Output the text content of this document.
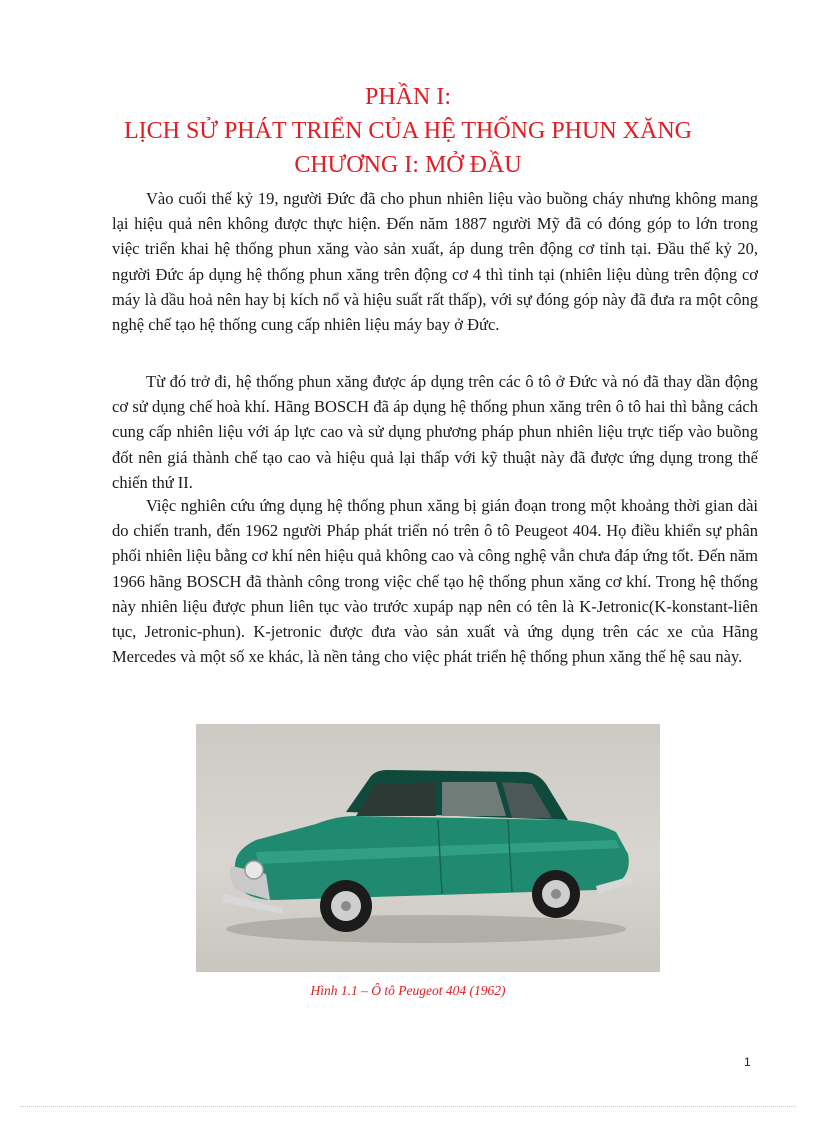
PHẦN I:
LỊCH SỬ PHÁT TRIỂN CỦA HỆ THỐNG PHUN XĂNG
CHƯƠNG I: MỞ ĐẦU

Vào cuối thế kỷ 19, người Đức đã cho phun nhiên liệu vào buồng cháy nhưng không mang lại hiệu quả nên không được thực hiện. Đến năm 1887 người Mỹ đã có đóng góp to lớn trong việc triển khai hệ thống phun xăng vào sản xuất, áp dung trên động cơ tỉnh tại. Đầu thế kỷ 20, người Đức áp dụng hệ thống phun xăng trên động cơ 4 thì tỉnh tại (nhiên liệu dùng trên động cơ máy là dầu hoả nên hay bị kích nổ và hiệu suất rất thấp), với sự đóng góp này đã đưa ra một công nghệ chế tạo hệ thống cung cấp nhiên liệu máy bay ở Đức.

Từ đó trở đi, hệ thống phun xăng được áp dụng trên các ô tô ở Đức và nó đã thay dần động cơ sử dụng chế hoà khí. Hãng BOSCH đã áp dụng hệ thống phun xăng trên ô tô hai thì bằng cách cung cấp nhiên liệu với áp lực cao và sử dụng phương pháp phun nhiên liệu trực tiếp vào buồng đốt nên giá thành chế tạo cao và hiệu quả lại thấp với kỹ thuật này đã được ứng dụng trong thế chiến thứ II.

Việc nghiên cứu ứng dụng hệ thống phun xăng bị gián đoạn trong một khoảng thời gian dài do chiến tranh, đến 1962 người Pháp phát triển nó trên ô tô Peugeot 404. Họ điều khiển sự phân phối nhiên liệu bằng cơ khí nên hiệu quả không cao và công nghệ vẫn chưa đáp ứng tốt. Đến năm 1966 hãng BOSCH đã thành công trong việc chế tạo hệ thống phun xăng cơ khí. Trong hệ thống này nhiên liệu được phun liên tục vào trước xupáp nạp nên có tên là K-Jetronic(K-konstant-liên tục, Jetronic-phun). K-jetronic được đưa vào sản xuất và ứng dụng trên các xe của Hãng Mercedes và một số xe khác, là nền tảng cho việc phát triển hệ thống phun xăng thế hệ sau này.

Hình 1.1 – Ô tô Peugeot 404 (1962)
1
